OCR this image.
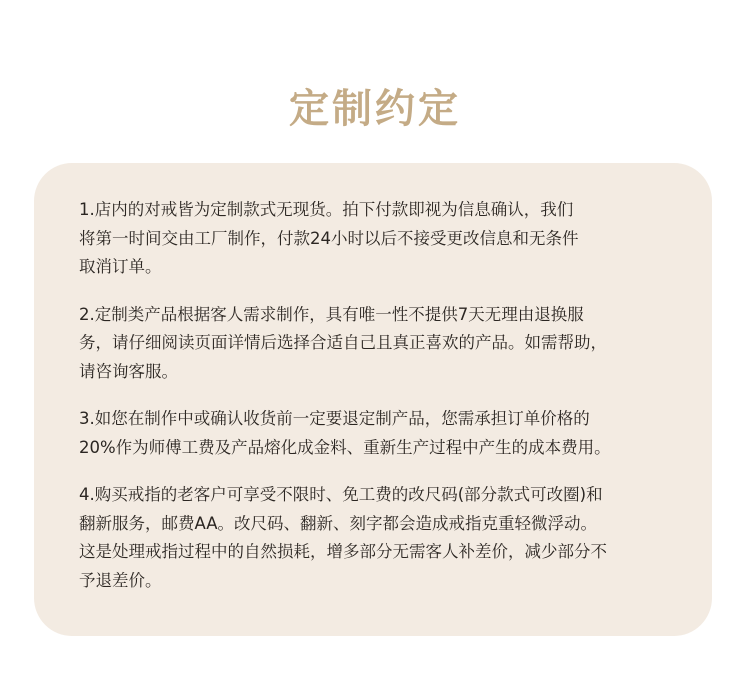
定制约定

1.店内的对戒皆为定制款式无现货。拍下付款即视为信息确认，我们
将第一时间交由工厂制作，付款24小时以后不接受更改信息和无条件
取消订单。

2.定制类产品根据客人需求制作，具有唯一性不提供7天无理由退换服
务，请仔细阅读页面详情后选择合适自己且真正喜欢的产品。如需帮助，
请咨询客服。

3.如您在制作中或确认收货前一定要退定制产品，您需承担订单价格的
20%作为师傅工费及产品熔化成金料、重新生产过程中产生的成本费用。

4.购买戒指的老客户可享受不限时、免工费的改尺码(部分款式可改圈)和
翻新服务，邮费AA。改尺码、翻新、刻字都会造成戒指克重轻微浮动。
这是处理戒指过程中的自然损耗，增多部分无需客人补差价，减少部分不
予退差价。
